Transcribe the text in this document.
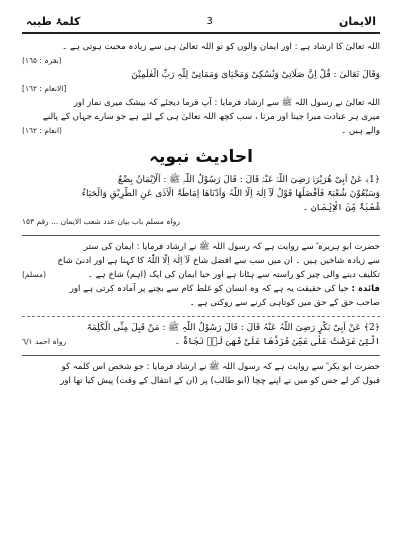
الایمان
3
کلمۂ طیبہ
اللہ تعالیٰ کا ارشاد ہے : اور ایمان والوں کو تو اللہ تعالیٰ ہی سے زیادہ محبت ہوتی ہے ۔
(بقرہ : ١٦٥)
وَقَالَ تَعَالیٰ : قُلْ اِنَّ صَلَاتِیْ وَنُسُکِیْ وَمَحْیَایَ وَمَمَاتِیْ لِلّٰہِ رَبِّ الْعٰلَمِیْنَ
[الانعام : ١٦٢]
اللہ تعالیٰ نے رسول اللہ ﷺ سے ارشاد فرمایا : آپ فرما دیجئے کہ بیشک میری نماز اور
میری ہر عبادت میرا جینا اور مرنا ، سب کچھ اللہ تعالیٰ ہی کے لئے ہے جو سارے جہاں کے پالنے
والے ہیں ۔
(انعام : ١٦٢)
احادیث نبویہ
﴿1﴾ عَنْ اَبِیْ ھُرَیْرَۃَ رَضِیَ اللّٰہُ عَنْہُ قَالَ : قَالَ رَسُوْلُ اللّٰہِ ﷺ : اَلْاِیْمَانُ بِضْعٌ
وَسَبْعُوْنَ شُعْبَۃً فَاَفْضَلُھَا قَوْلُ لَآ اِلٰہَ اِلَّا اللّٰہُ وَاَدْنَاھَا اِمَاطَۃُ الْاَذٰی عَنِ الطَّرِیْقِ وَالْحَیَاءُ
شُعْبَۃٌ مِّنَ الْاِیْمَانِ ۔
رواہ مسلم باب بیان عدد شعب الایمان ... رقم ١٥٣
حضرت ابو ہریرہ ؓ سے روایت ہے کہ رسول اللہ ﷺ نے ارشاد فرمایا : ایمان کی ستر
سے زیادہ شاخیں ہیں ۔ ان میں سب سے افضل شاخ لَآ اِلٰہَ اِلَّا اللّٰہُ کا کہنا ہے اور ادنیٰ شاخ
تکلیف دینے والی چیز کو راستہ سے ہٹانا ہے اور حیا ایمان کی ایک (اہم) شاخ ہے ۔
(مسلم)
فائدہ : حیا کی حقیقت یہ ہے کہ وہ انسان کو غلط کام سے بچنے پر آمادہ کرتی ہے اور
صاحب حق کے حق میں کوتاہی کرنے سے روکتی ہے ۔
﴿2﴾ عَنْ اَبِیْ بَکْرٍ رَضِیَ اللّٰہُ عَنْہُ قَالَ : قَالَ رَسُوْلُ اللّٰہِ ﷺ : مَنْ قَبِلَ مِنِّی الْکَلِمَۃَ
الَّتِیْ عَرَضْتُ عَلٰی عَمِّیْ فَرَدَّھَا عَلَیَّ فَھِیَ لَہٗ نَجَاۃٌ ۔
رواہ احمد ٦/١
حضرت ابو بکر ؓ سے روایت ہے کہ رسول اللہ ﷺ نے ارشاد فرمایا : جو شخص اس کلمہ کو
قبول کر لے جس کو میں نے اپنے چچا (ابو طالب) پر (ان کے انتقال کے وقت) پیش کیا تھا اور
